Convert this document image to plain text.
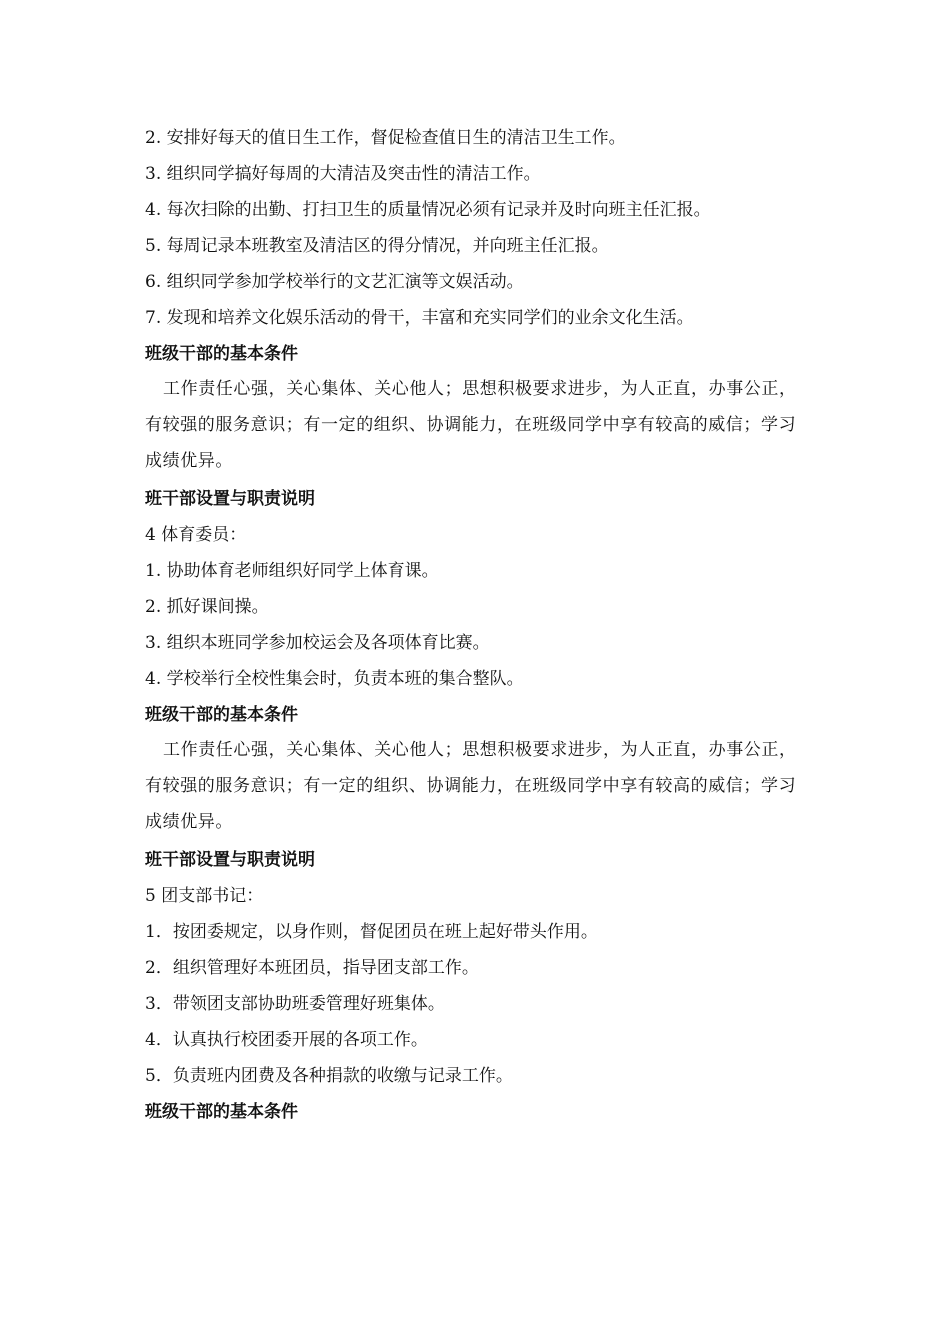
2. 安排好每天的值日生工作，督促检查值日生的清洁卫生工作。
3. 组织同学搞好每周的大清洁及突击性的清洁工作。
4. 每次扫除的出勤、打扫卫生的质量情况必须有记录并及时向班主任汇报。
5. 每周记录本班教室及清洁区的得分情况，并向班主任汇报。
6. 组织同学参加学校举行的文艺汇演等文娱活动。
7. 发现和培养文化娱乐活动的骨干，丰富和充实同学们的业余文化生活。
班级干部的基本条件
工作责任心强，关心集体、关心他人；思想积极要求进步，为人正直，办事公正，有较强的服务意识；有一定的组织、协调能力，在班级同学中享有较高的威信；学习成绩优异。
班干部设置与职责说明
4 体育委员：
1. 协助体育老师组织好同学上体育课。
2. 抓好课间操。
3. 组织本班同学参加校运会及各项体育比赛。
4. 学校举行全校性集会时，负责本班的集合整队。
班级干部的基本条件
工作责任心强，关心集体、关心他人；思想积极要求进步，为人正直，办事公正，有较强的服务意识；有一定的组织、协调能力，在班级同学中享有较高的威信；学习成绩优异。
班干部设置与职责说明
5 团支部书记：
1．按团委规定，以身作则，督促团员在班上起好带头作用。
2．组织管理好本班团员，指导团支部工作。
3．带领团支部协助班委管理好班集体。
4．认真执行校团委开展的各项工作。
5．负责班内团费及各种捐款的收缴与记录工作。
班级干部的基本条件
